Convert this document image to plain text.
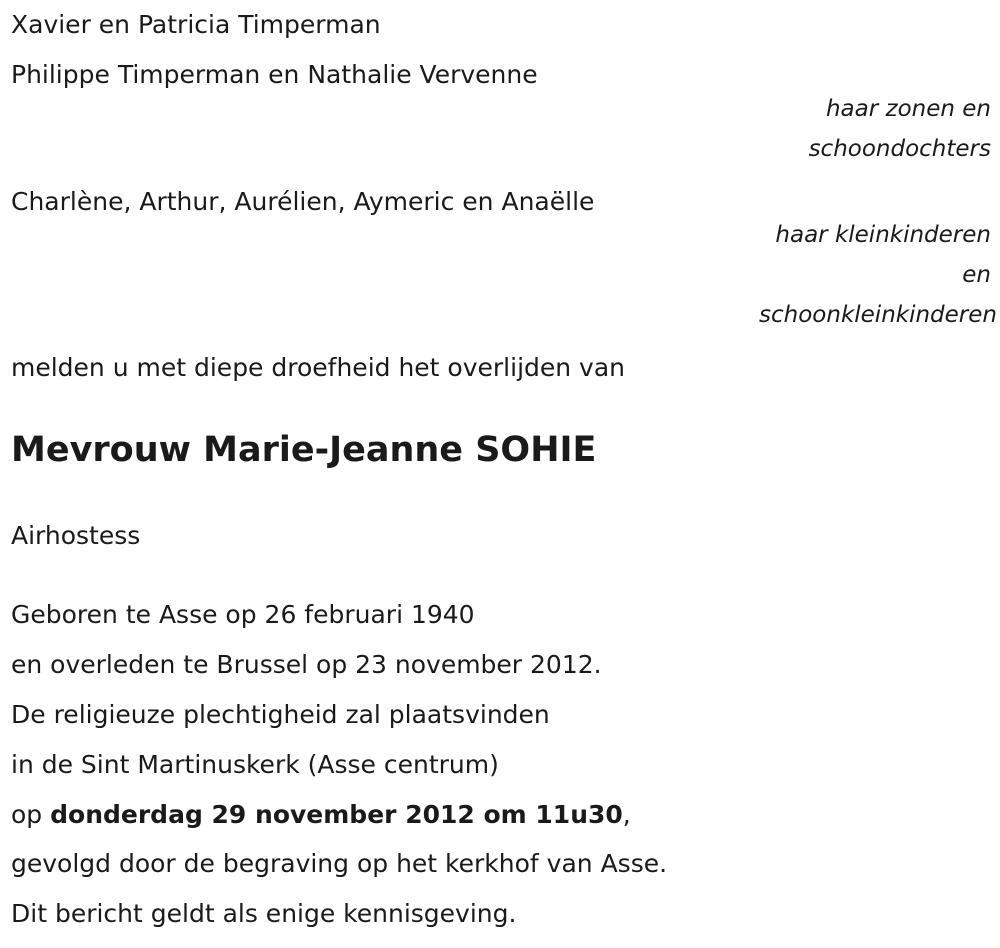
Xavier en Patricia Timperman
Philippe Timperman en Nathalie Vervenne
haar zonen en
schoondochters
Charlène, Arthur, Aurélien, Aymeric en Anaëlle
haar kleinkinderen
en
schoonkleinkinderen
melden u met diepe droefheid het overlijden van
Mevrouw Marie-Jeanne SOHIE
Airhostess
Geboren te Asse op 26 februari 1940
en overleden te Brussel op 23 november 2012.
De religieuze plechtigheid zal plaatsvinden
in de Sint Martinuskerk (Asse centrum)
op donderdag 29 november 2012 om 11u30,
gevolgd door de begraving op het kerkhof van Asse.
Dit bericht geldt als enige kennisgeving.
